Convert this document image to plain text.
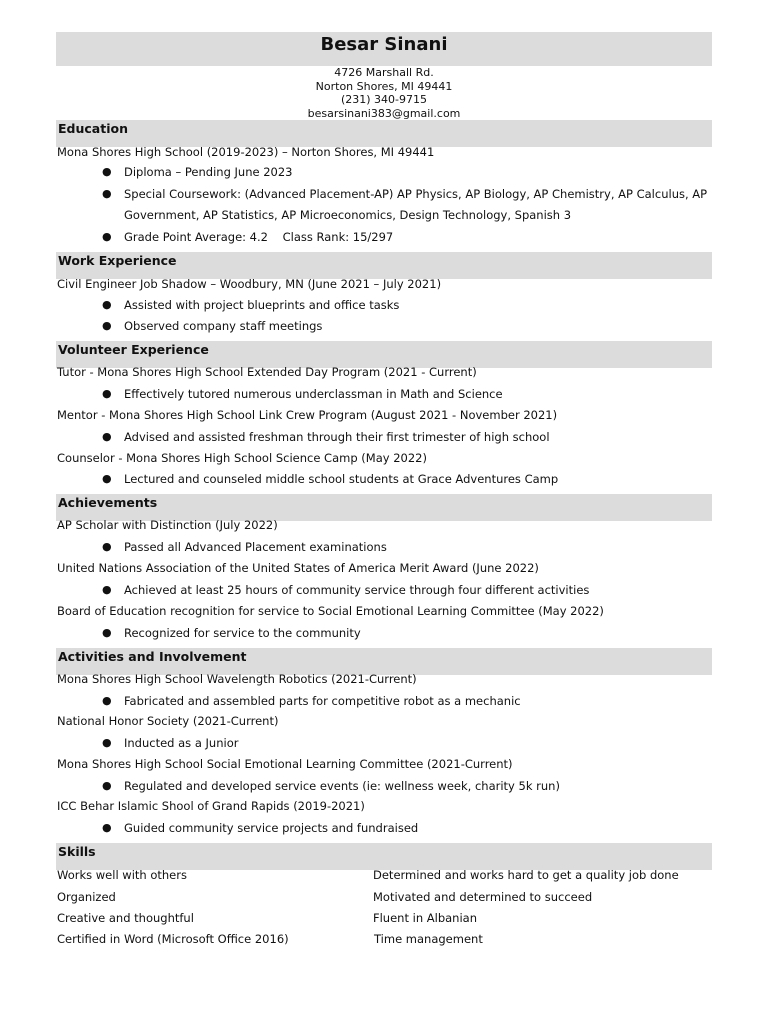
Besar Sinani
4726 Marshall Rd.
Norton Shores, MI 49441
(231) 340-9715
besarsinani383@gmail.com
Education
Mona Shores High School (2019-2023) – Norton Shores, MI 49441
● Diploma – Pending June 2023
● Special Coursework: (Advanced Placement-AP) AP Physics, AP Biology, AP Chemistry, AP Calculus, AP Government, AP Statistics, AP Microeconomics, Design Technology, Spanish 3
● Grade Point Average: 4.2    Class Rank: 15/297
Work Experience
Civil Engineer Job Shadow – Woodbury, MN (June 2021 – July 2021)
● Assisted with project blueprints and office tasks
● Observed company staff meetings
Volunteer Experience
Tutor - Mona Shores High School Extended Day Program (2021 - Current)
● Effectively tutored numerous underclassman in Math and Science
Mentor - Mona Shores High School Link Crew Program (August 2021 - November 2021)
● Advised and assisted freshman through their first trimester of high school
Counselor - Mona Shores High School Science Camp (May 2022)
● Lectured and counseled middle school students at Grace Adventures Camp
Achievements
AP Scholar with Distinction (July 2022)
● Passed all Advanced Placement examinations
United Nations Association of the United States of America Merit Award (June 2022)
● Achieved at least 25 hours of community service through four different activities
Board of Education recognition for service to Social Emotional Learning Committee (May 2022)
● Recognized for service to the community
Activities and Involvement
Mona Shores High School Wavelength Robotics (2021-Current)
● Fabricated and assembled parts for competitive robot as a mechanic
National Honor Society (2021-Current)
● Inducted as a Junior
Mona Shores High School Social Emotional Learning Committee (2021-Current)
● Regulated and developed service events (ie: wellness week, charity 5k run)
ICC Behar Islamic Shool of Grand Rapids (2019-2021)
● Guided community service projects and fundraised
Skills
Works well with others	Determined and works hard to get a quality job done
Organized	Motivated and determined to succeed
Creative and thoughtful	Fluent in Albanian
Certified in Word (Microsoft Office 2016)	Time management
